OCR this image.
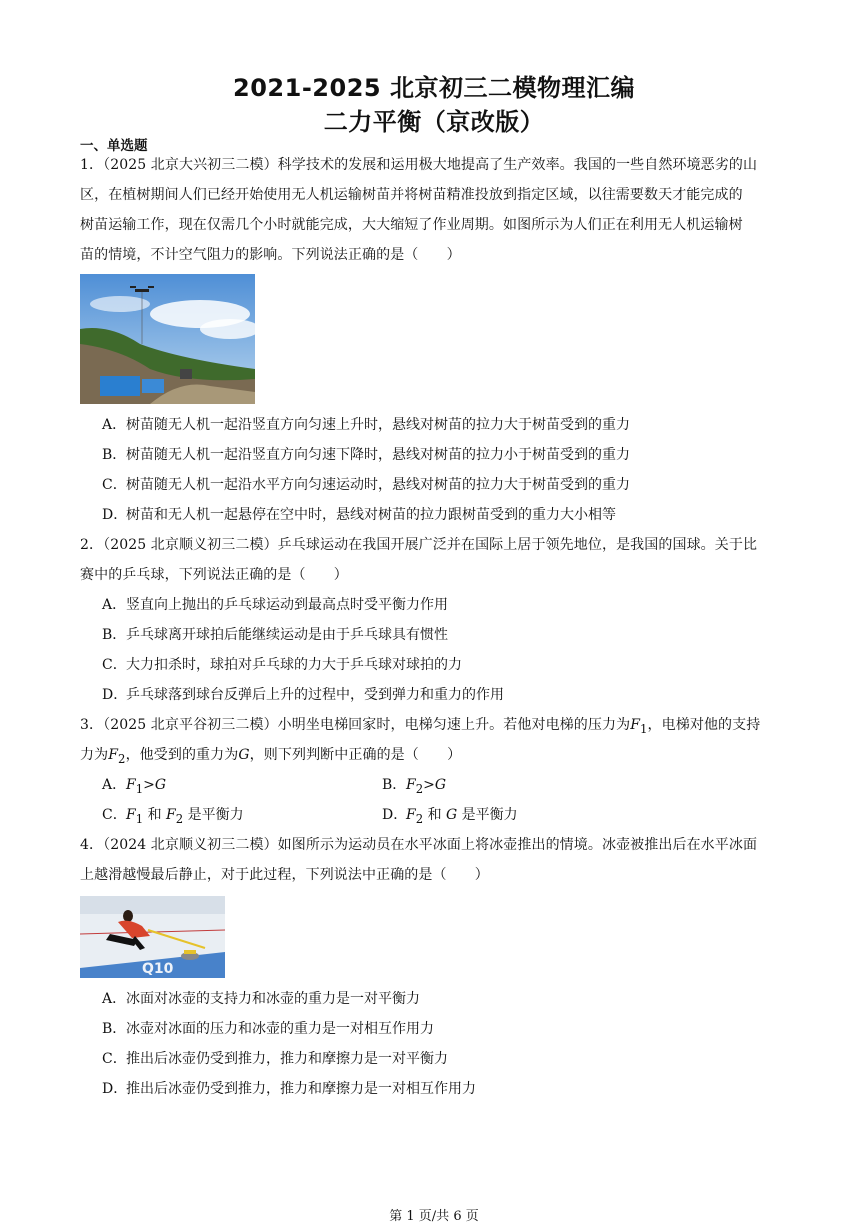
2021-2025 北京初三二模物理汇编
二力平衡（京改版）
一、单选题
1．（2025 北京大兴初三二模）科学技术的发展和运用极大地提高了生产效率。我国的一些自然环境恶劣的山
区，在植树期间人们已经开始使用无人机运输树苗并将树苗精准投放到指定区域，以往需要数天才能完成的
树苗运输工作，现在仅需几个小时就能完成，大大缩短了作业周期。如图所示为人们正在利用无人机运输树
苗的情境，不计空气阻力的影响。下列说法正确的是（　　）
A．树苗随无人机一起沿竖直方向匀速上升时，悬线对树苗的拉力大于树苗受到的重力
B．树苗随无人机一起沿竖直方向匀速下降时，悬线对树苗的拉力小于树苗受到的重力
C．树苗随无人机一起沿水平方向匀速运动时，悬线对树苗的拉力大于树苗受到的重力
D．树苗和无人机一起悬停在空中时，悬线对树苗的拉力跟树苗受到的重力大小相等
2．（2025 北京顺义初三二模）乒乓球运动在我国开展广泛并在国际上居于领先地位，是我国的国球。关于比
赛中的乒乓球，下列说法正确的是（　　）
A．竖直向上抛出的乒乓球运动到最高点时受平衡力作用
B．乒乓球离开球拍后能继续运动是由于乒乓球具有惯性
C．大力扣杀时，球拍对乒乓球的力大于乒乓球对球拍的力
D．乒乓球落到球台反弹后上升的过程中，受到弹力和重力的作用
3．（2025 北京平谷初三二模）小明坐电梯回家时，电梯匀速上升。若他对电梯的压力为$F_1$，电梯对他的支持
力为$F_2$，他受到的重力为G，则下列判断中正确的是（　　）
A．$F_1>G$	B．$F_2>G$
C．$F_1$ 和 $F_2$ 是平衡力	D．$F_2$ 和 G 是平衡力
4．（2024 北京顺义初三二模）如图所示为运动员在水平冰面上将冰壶推出的情境。冰壶被推出后在水平冰面
上越滑越慢最后静止，对于此过程，下列说法中正确的是（　　）
Q10
A．冰面对冰壶的支持力和冰壶的重力是一对平衡力
B．冰壶对冰面的压力和冰壶的重力是一对相互作用力
C．推出后冰壶仍受到推力，推力和摩擦力是一对平衡力
D．推出后冰壶仍受到推力，推力和摩擦力是一对相互作用力
第 1 页/共 6 页
